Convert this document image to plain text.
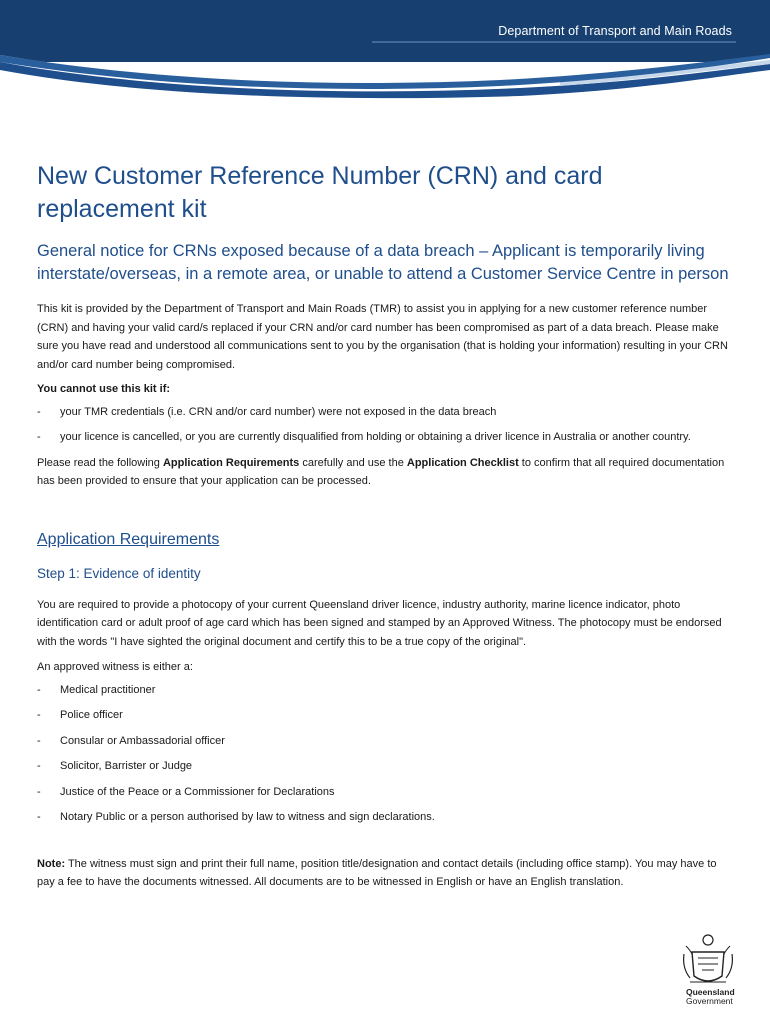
Department of Transport and Main Roads
New Customer Reference Number (CRN) and card replacement kit
General notice for CRNs exposed because of a data breach – Applicant is temporarily living interstate/overseas, in a remote area, or unable to attend a Customer Service Centre in person

This kit is provided by the Department of Transport and Main Roads (TMR) to assist you in applying for a new customer reference number (CRN) and having your valid card/s replaced if your CRN and/or card number has been compromised as part of a data breach. Please make sure you have read and understood all communications sent to you by the organisation (that is holding your information) resulting in your CRN and/or card number being compromised.

You cannot use this kit if:

- your TMR credentials (i.e. CRN and/or card number) were not exposed in the data breach
- your licence is cancelled, or you are currently disqualified from holding or obtaining a driver licence in Australia or another country.

Please read the following Application Requirements carefully and use the Application Checklist to confirm that all required documentation has been provided to ensure that your application can be processed.

Application Requirements
Step 1: Evidence of identity

You are required to provide a photocopy of your current Queensland driver licence, industry authority, marine licence indicator, photo identification card or adult proof of age card which has been signed and stamped by an Approved Witness. The photocopy must be endorsed with the words "I have sighted the original document and certify this to be a true copy of the original".

An approved witness is either a:

- Medical practitioner
- Police officer
- Consular or Ambassadorial officer
- Solicitor, Barrister or Judge
- Justice of the Peace or a Commissioner for Declarations
- Notary Public or a person authorised by law to witness and sign declarations.

Note: The witness must sign and print their full name, position title/designation and contact details (including office stamp). You may have to pay a fee to have the documents witnessed. All documents are to be witnessed in English or have an English translation.

Queensland
Government
